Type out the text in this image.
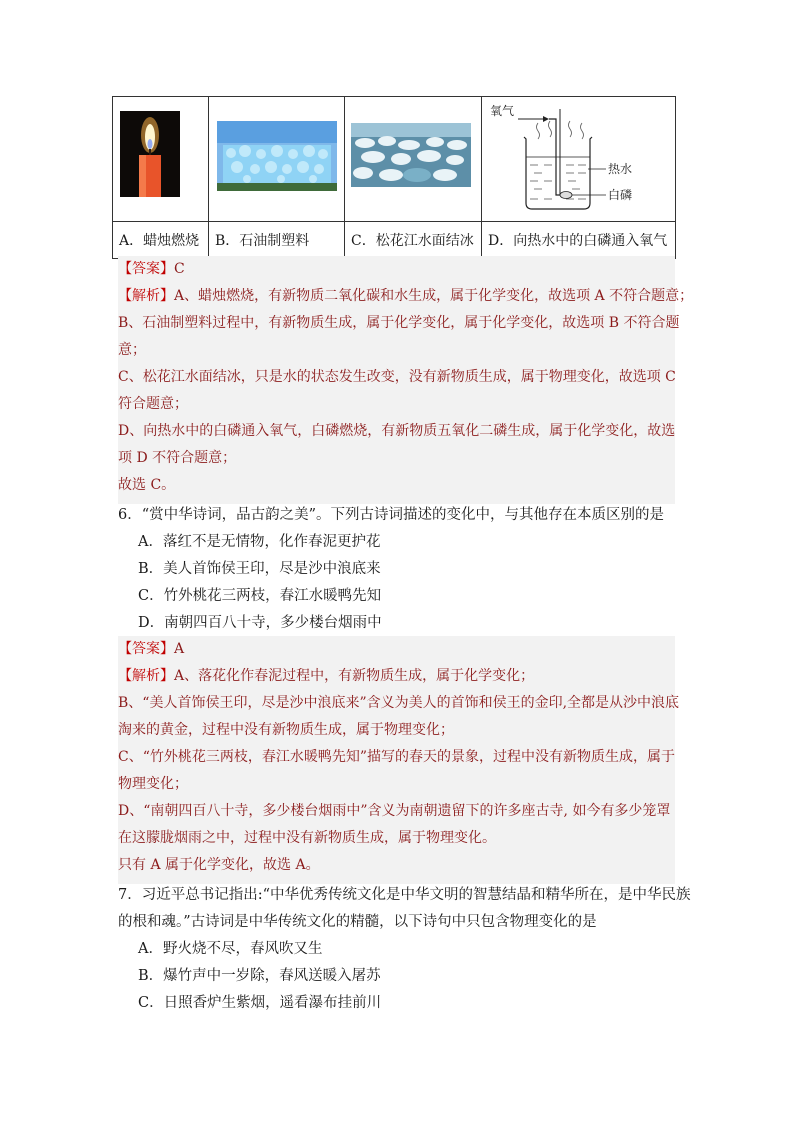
氧气
热水
白磷

A．蜡烛燃烧	B．石油制塑料	C．松花江水面结冰	D．向热水中的白磷通入氧气
【答案】C
【解析】A、蜡烛燃烧，有新物质二氧化碳和水生成，属于化学变化，故选项 A 不符合题意；
B、石油制塑料过程中，有新物质生成，属于化学变化，属于化学变化，故选项 B 不符合题
意；
C、松花江水面结冰，只是水的状态发生改变，没有新物质生成，属于物理变化，故选项 C
符合题意；
D、向热水中的白磷通入氧气，白磷燃烧，有新物质五氧化二磷生成，属于化学变化，故选
项 D 不符合题意；
故选 C。
6．“赏中华诗词，品古韵之美”。下列古诗词描述的变化中，与其他存在本质区别的是
A．落红不是无情物，化作春泥更护花
B．美人首饰侯王印，尽是沙中浪底来
C．竹外桃花三两枝，春江水暖鸭先知
D．南朝四百八十寺，多少楼台烟雨中
【答案】A
【解析】A、落花化作春泥过程中，有新物质生成，属于化学变化；
B、“美人首饰侯王印，尽是沙中浪底来”含义为美人的首饰和侯王的金印,全都是从沙中浪底
淘来的黄金，过程中没有新物质生成，属于物理变化；
C、“竹外桃花三两枝，春江水暖鸭先知”描写的春天的景象，过程中没有新物质生成，属于
物理变化；
D、“南朝四百八十寺，多少楼台烟雨中”含义为南朝遗留下的许多座古寺, 如今有多少笼罩
在这朦胧烟雨之中，过程中没有新物质生成，属于物理变化。
只有 A 属于化学变化，故选 A。
7．习近平总书记指出:“中华优秀传统文化是中华文明的智慧结晶和精华所在，是中华民族
的根和魂。”古诗词是中华传统文化的精髓，以下诗句中只包含物理变化的是
A．野火烧不尽，春风吹又生
B．爆竹声中一岁除，春风送暖入屠苏
C．日照香炉生紫烟，遥看瀑布挂前川
